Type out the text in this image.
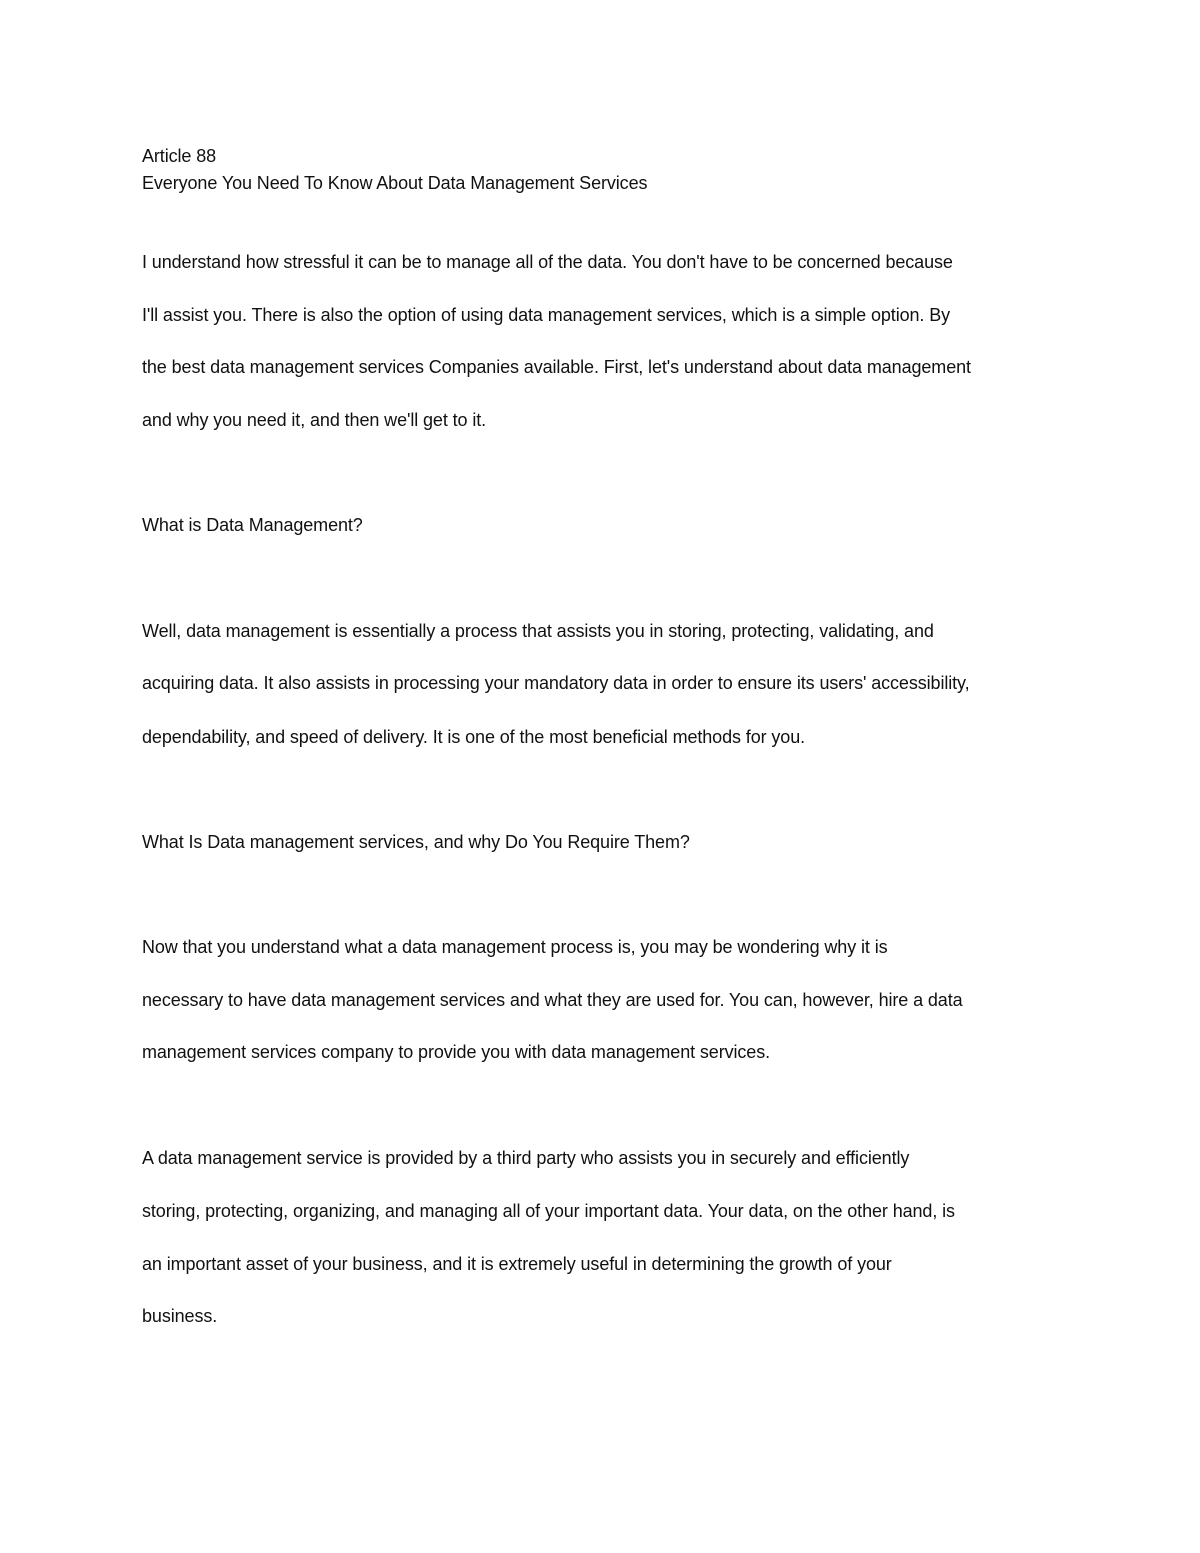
Article 88
Everyone You Need To Know About Data Management Services
I understand how stressful it can be to manage all of the data. You don't have to be concerned because
I'll assist you. There is also the option of using data management services, which is a simple option. By
the best data management services Companies available. First, let's understand about data management
and why you need it, and then we'll get to it.
What is Data Management?
Well, data management is essentially a process that assists you in storing, protecting, validating, and
acquiring data. It also assists in processing your mandatory data in order to ensure its users' accessibility,
dependability, and speed of delivery. It is one of the most beneficial methods for you.
What Is Data management services, and why Do You Require Them?
Now that you understand what a data management process is, you may be wondering why it is
necessary to have data management services and what they are used for. You can, however, hire a data
management services company to provide you with data management services.
A data management service is provided by a third party who assists you in securely and efficiently
storing, protecting, organizing, and managing all of your important data. Your data, on the other hand, is
an important asset of your business, and it is extremely useful in determining the growth of your
business.
